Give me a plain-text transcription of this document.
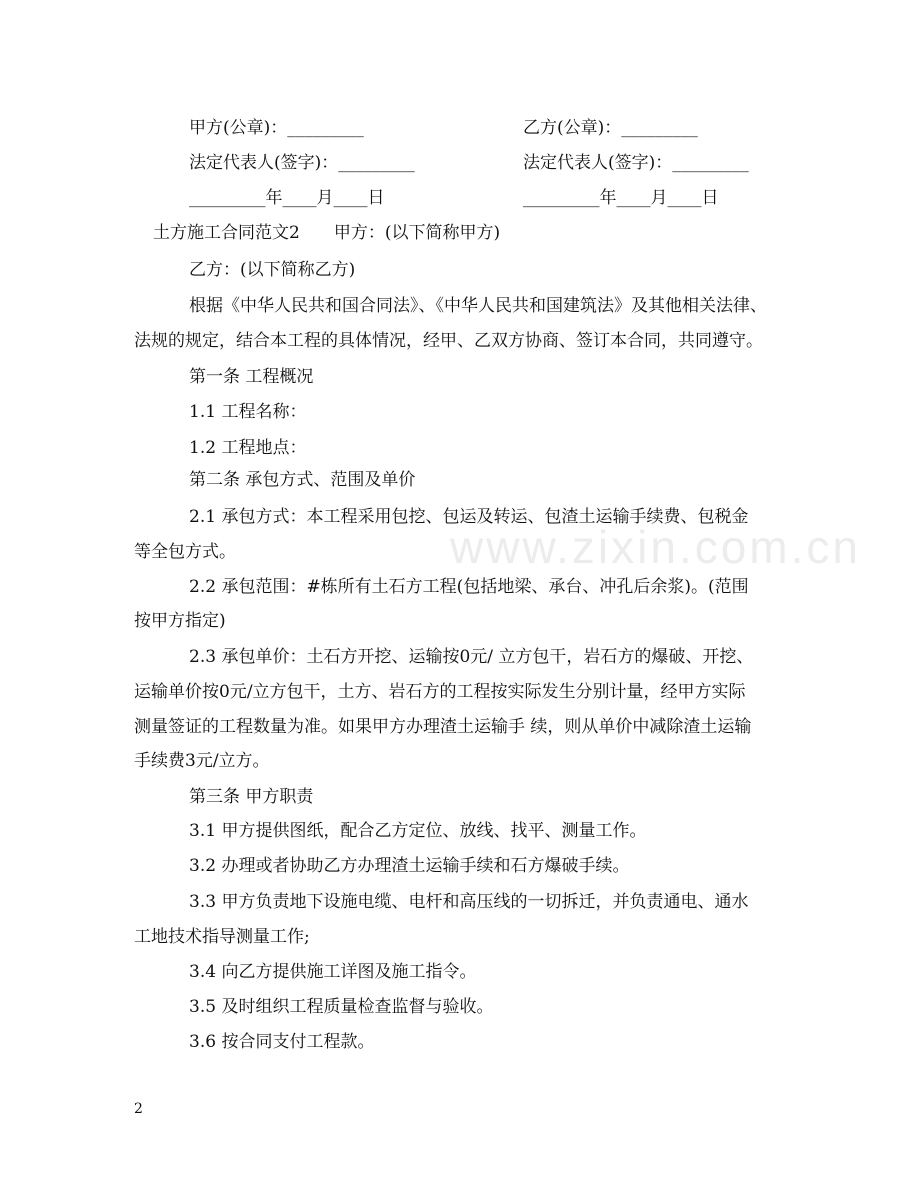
www.zixin.com.cn
甲方(公章)：_________	乙方(公章)：_________
法定代表人(签字)：_________	法定代表人(签字)：_________
_________年____月____日	_________年____月____日
土方施工合同范文2　　甲方：(以下简称甲方)
乙方：(以下简称乙方)
根据《中华人民共和国合同法》、《中华人民共和国建筑法》及其他相关法律、
法规的规定，结合本工程的具体情况，经甲、乙双方协商、签订本合同，共同遵守。
第一条 工程概况
1.1 工程名称：
1.2 工程地点：
第二条 承包方式、范围及单价
2.1 承包方式：本工程采用包挖、包运及转运、包渣土运输手续费、包税金
等全包方式。
2.2 承包范围：#栋所有土石方工程(包括地梁、承台、冲孔后余浆)。(范围
按甲方指定)
2.3 承包单价：土石方开挖、运输按0元/ 立方包干，岩石方的爆破、开挖、
运输单价按0元/立方包干，土方、岩石方的工程按实际发生分别计量，经甲方实际
测量签证的工程数量为准。如果甲方办理渣土运输手 续，则从单价中减除渣土运输
手续费3元/立方。
第三条 甲方职责
3.1 甲方提供图纸，配合乙方定位、放线、找平、测量工作。
3.2 办理或者协助乙方办理渣土运输手续和石方爆破手续。
3.3 甲方负责地下设施电缆、电杆和高压线的一切拆迁，并负责通电、通水
工地技术指导测量工作;
3.4 向乙方提供施工详图及施工指令。
3.5 及时组织工程质量检查监督与验收。
3.6 按合同支付工程款。
2
